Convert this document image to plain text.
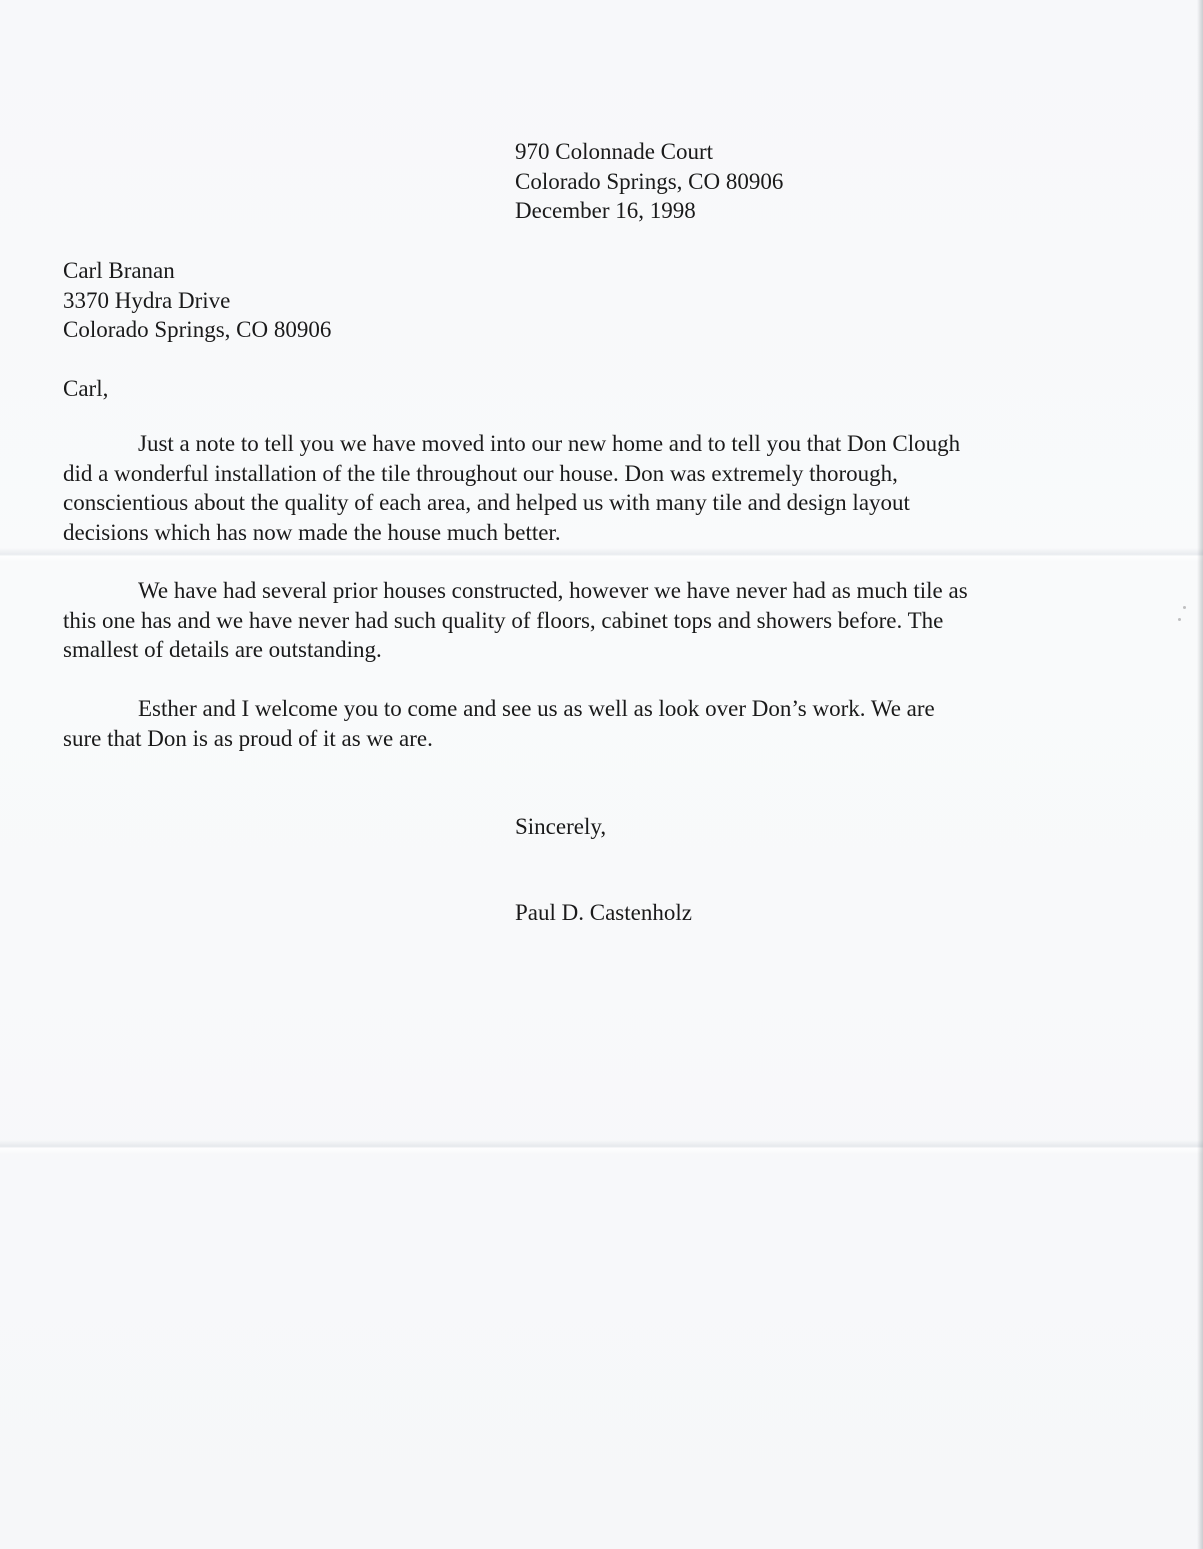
970 Colonnade Court

Colorado Springs, CO 80906

December 16, 1998

Carl Branan

3370 Hydra Drive

Colorado Springs, CO 80906

Carl,

Just a note to tell you we have moved into our new home and to tell you that Don Clough

did a wonderful installation of the tile throughout our house. Don was extremely thorough,

conscientious about the quality of each area, and helped us with many tile and design layout

decisions which has now made the house much better.

We have had several prior houses constructed, however we have never had as much tile as

this one has and we have never had such quality of floors, cabinet tops and showers before. The

smallest of details are outstanding.

Esther and I welcome you to come and see us as well as look over Don’s work. We are

sure that Don is as proud of it as we are.

Sincerely,

Paul D. Castenholz
